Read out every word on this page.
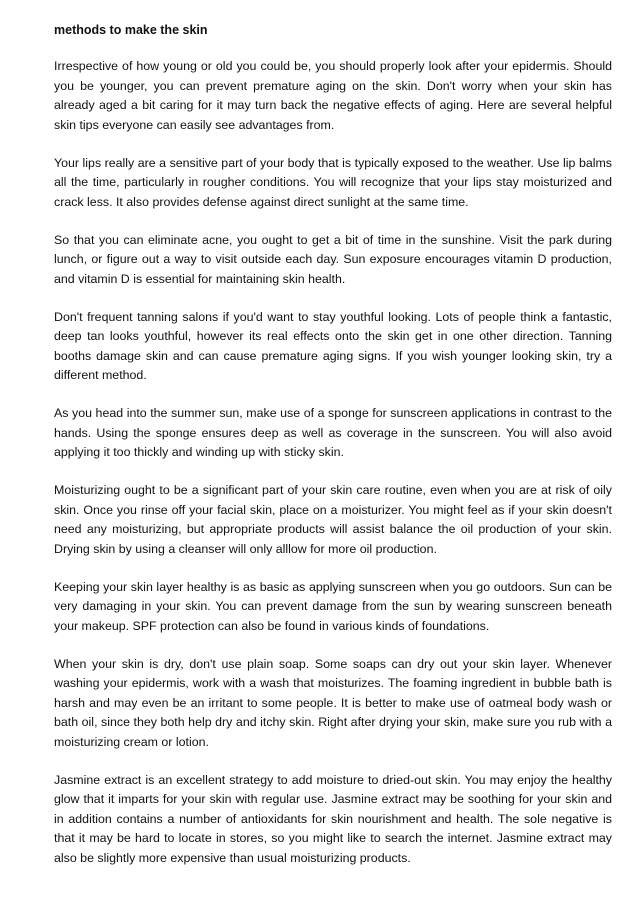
methods to make the skin

Irrespective of how young or old you could be, you should properly look after your epidermis. Should you be younger, you can prevent premature aging on the skin. Don't worry when your skin has already aged a bit caring for it may turn back the negative effects of aging. Here are several helpful skin tips everyone can easily see advantages from.

Your lips really are a sensitive part of your body that is typically exposed to the weather. Use lip balms all the time, particularly in rougher conditions. You will recognize that your lips stay moisturized and crack less. It also provides defense against direct sunlight at the same time.

So that you can eliminate acne, you ought to get a bit of time in the sunshine. Visit the park during lunch, or figure out a way to visit outside each day. Sun exposure encourages vitamin D production, and vitamin D is essential for maintaining skin health.

Don't frequent tanning salons if you'd want to stay youthful looking. Lots of people think a fantastic, deep tan looks youthful, however its real effects onto the skin get in one other direction. Tanning booths damage skin and can cause premature aging signs. If you wish younger looking skin, try a different method.

As you head into the summer sun, make use of a sponge for sunscreen applications in contrast to the hands. Using the sponge ensures deep as well as coverage in the sunscreen. You will also avoid applying it too thickly and winding up with sticky skin.

Moisturizing ought to be a significant part of your skin care routine, even when you are at risk of oily skin. Once you rinse off your facial skin, place on a moisturizer. You might feel as if your skin doesn't need any moisturizing, but appropriate products will assist balance the oil production of your skin. Drying skin by using a cleanser will only alllow for more oil production.

Keeping your skin layer healthy is as basic as applying sunscreen when you go outdoors. Sun can be very damaging in your skin. You can prevent damage from the sun by wearing sunscreen beneath your makeup. SPF protection can also be found in various kinds of foundations.

When your skin is dry, don't use plain soap. Some soaps can dry out your skin layer. Whenever washing your epidermis, work with a wash that moisturizes. The foaming ingredient in bubble bath is harsh and may even be an irritant to some people. It is better to make use of oatmeal body wash or bath oil, since they both help dry and itchy skin. Right after drying your skin, make sure you rub with a moisturizing cream or lotion.

Jasmine extract is an excellent strategy to add moisture to dried-out skin. You may enjoy the healthy glow that it imparts for your skin with regular use. Jasmine extract may be soothing for your skin and in addition contains a number of antioxidants for skin nourishment and health. The sole negative is that it may be hard to locate in stores, so you might like to search the internet. Jasmine extract may also be slightly more expensive than usual moisturizing products.
